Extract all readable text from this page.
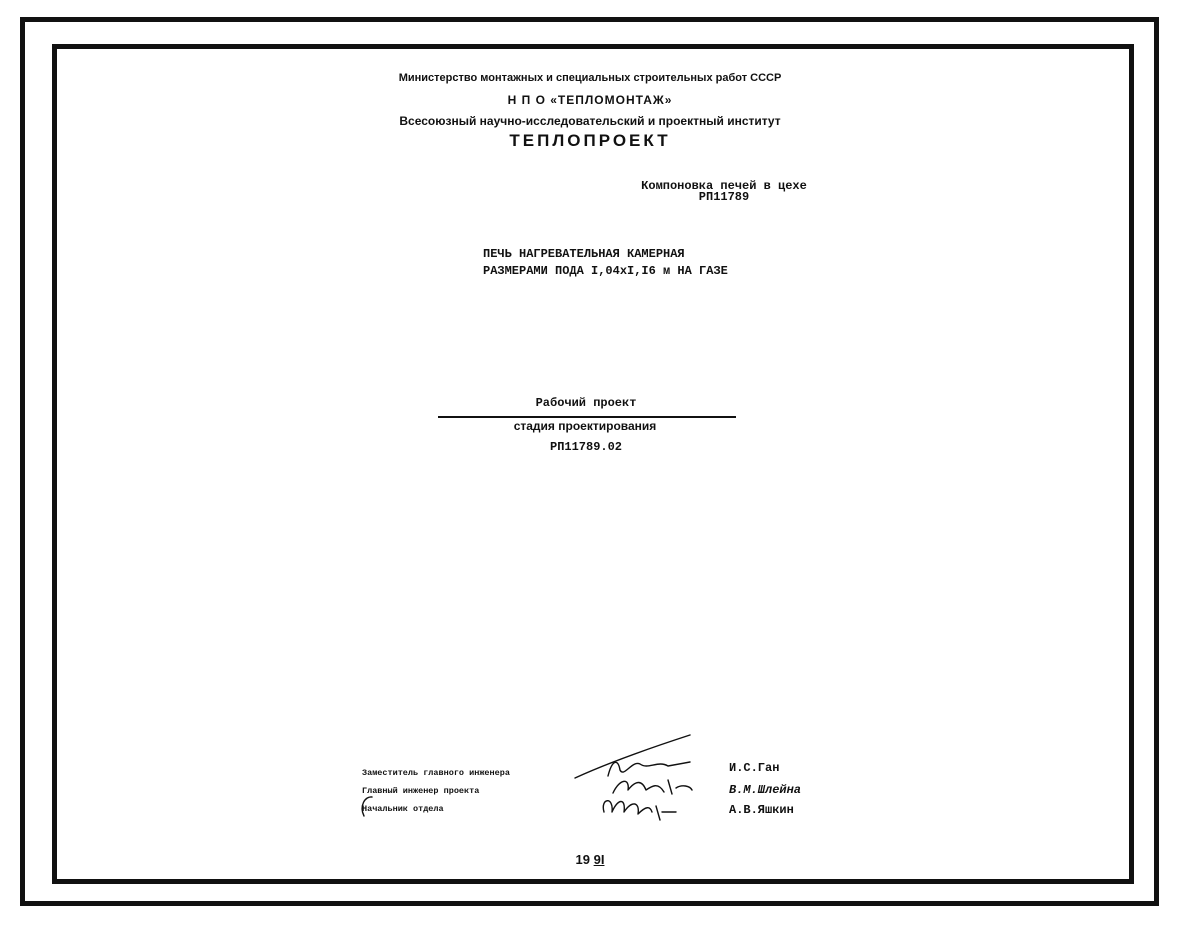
Министерство монтажных и специальных строительных работ СССР
Н П О «ТЕПЛОМОНТАЖ»
Всесоюзный научно-исследовательский и проектный институт
ТЕПЛОПРОЕКТ
Компоновка печей в цехе
РП11789
ПЕЧЬ НАГРЕВАТЕЛЬНАЯ КАМЕРНАЯ
РАЗМЕРАМИ ПОДА I,04xI,I6 м НА ГАЗЕ
Рабочий проект
стадия проектирования
РП11789.02
Заместитель главного инженера
Главный инженер проекта
Начальник отдела
И.С.Ган
В.М.Шлейна
А.В.Яшкин
19 9I
